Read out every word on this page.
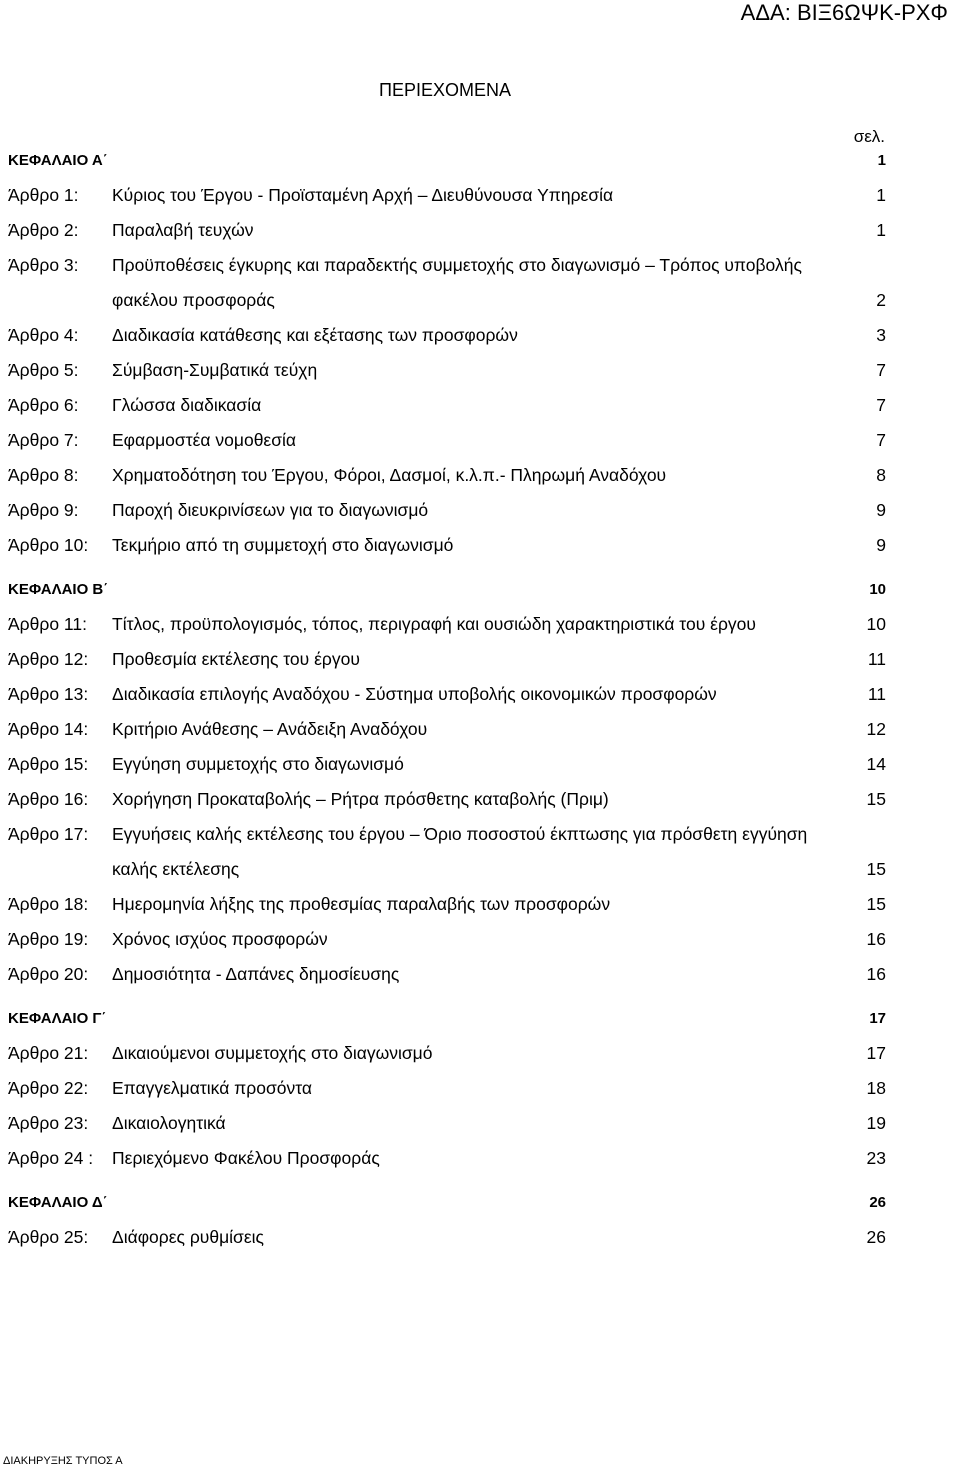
ΑΔΑ: ΒΙΞ6ΩΨΚ-ΡΧΦ
ΠΕΡΙΕΧΟΜΕΝΑ
σελ.
ΚΕΦΑΛΑΙΟ Α΄	1
Άρθρο 1:	Κύριος του Έργου - Προϊσταμένη Αρχή – Διευθύνουσα Υπηρεσία	1
Άρθρο 2:	Παραλαβή τευχών	1
Άρθρο 3:	Προϋποθέσεις έγκυρης και παραδεκτής συμμετοχής στο διαγωνισμό – Τρόπος υποβολής φακέλου προσφοράς	2
Άρθρο 4:	Διαδικασία κατάθεσης και εξέτασης των προσφορών	3
Άρθρο 5:	Σύμβαση-Συμβατικά τεύχη	7
Άρθρο 6:	Γλώσσα διαδικασία	7
Άρθρο 7:	Εφαρμοστέα νομοθεσία	7
Άρθρο 8:	Χρηματοδότηση του Έργου, Φόροι, Δασμοί, κ.λ.π.- Πληρωμή Αναδόχου	8
Άρθρο 9:	Παροχή διευκρινίσεων για το διαγωνισμό	9
Άρθρο 10:	Τεκμήριο από τη συμμετοχή στο διαγωνισμό	9
ΚΕΦΑΛΑΙΟ Β΄	10
Άρθρο 11:	Τίτλος, προϋπολογισμός, τόπος, περιγραφή και ουσιώδη χαρακτηριστικά του έργου	10
Άρθρο 12:	Προθεσμία εκτέλεσης του έργου	11
Άρθρο 13:	Διαδικασία επιλογής Αναδόχου - Σύστημα υποβολής οικονομικών προσφορών	11
Άρθρο 14:	Κριτήριο Ανάθεσης – Ανάδειξη Αναδόχου	12
Άρθρο 15:	Εγγύηση συμμετοχής στο διαγωνισμό	14
Άρθρο 16:	Χορήγηση Προκαταβολής – Ρήτρα πρόσθετης καταβολής (Πριμ)	15
Άρθρο 17:	Εγγυήσεις καλής εκτέλεσης του έργου – Όριο ποσοστού έκπτωσης για πρόσθετη εγγύηση καλής εκτέλεσης	15
Άρθρο 18:	Ημερομηνία λήξης της προθεσμίας παραλαβής των προσφορών	15
Άρθρο 19:	Χρόνος ισχύος προσφορών	16
Άρθρο 20:	Δημοσιότητα - Δαπάνες δημοσίευσης	16
ΚΕΦΑΛΑΙΟ Γ΄	17
Άρθρο 21:	Δικαιούμενοι συμμετοχής στο διαγωνισμό	17
Άρθρο 22:	Επαγγελματικά προσόντα	18
Άρθρο 23:	Δικαιολογητικά	19
Άρθρο 24 :	Περιεχόμενο Φακέλου Προσφοράς	23
ΚΕΦΑΛΑΙΟ Δ΄	26
Άρθρο 25:	Διάφορες ρυθμίσεις	26
ΔΙΑΚΗΡΥΞΗΣ ΤΥΠΟΣ Α
